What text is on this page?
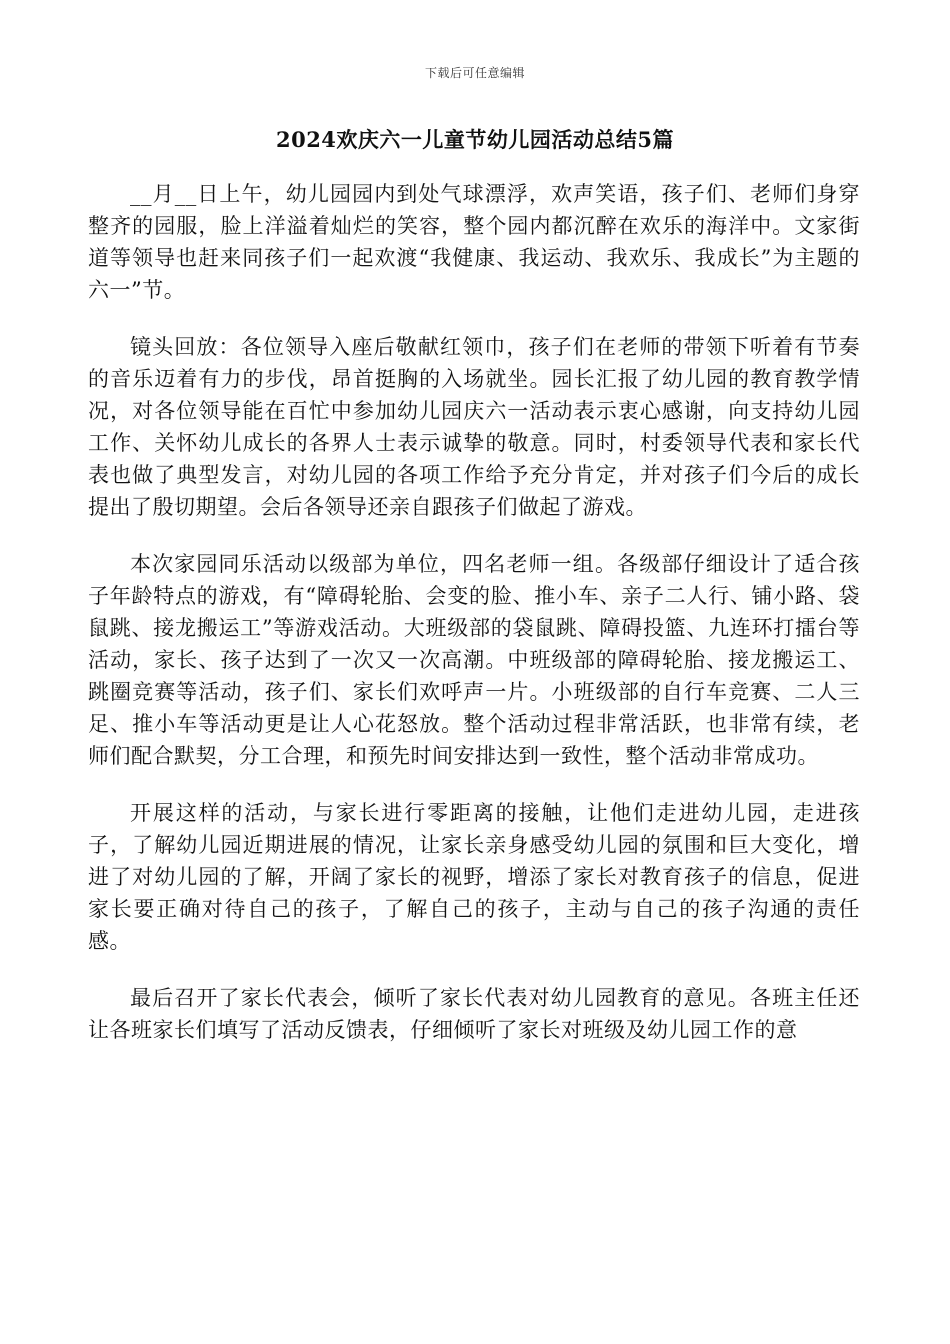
下载后可任意编辑
2024欢庆六一儿童节幼儿园活动总结5篇

__月__日上午，幼儿园园内到处气球漂浮，欢声笑语，孩子们、老师们身穿整齐的园服，脸上洋溢着灿烂的笑容，整个园内都沉醉在欢乐的海洋中。文家街道等领导也赶来同孩子们一起欢渡“我健康、我运动、我欢乐、我成长”为主题的六一”节。

镜头回放：各位领导入座后敬献红领巾，孩子们在老师的带领下听着有节奏的音乐迈着有力的步伐，昂首挺胸的入场就坐。园长汇报了幼儿园的教育教学情况，对各位领导能在百忙中参加幼儿园庆六一活动表示衷心感谢，向支持幼儿园工作、关怀幼儿成长的各界人士表示诚挚的敬意。同时，村委领导代表和家长代表也做了典型发言，对幼儿园的各项工作给予充分肯定，并对孩子们今后的成长提出了殷切期望。会后各领导还亲自跟孩子们做起了游戏。

本次家园同乐活动以级部为单位，四名老师一组。各级部仔细设计了适合孩子年龄特点的游戏，有“障碍轮胎、会变的脸、推小车、亲子二人行、铺小路、袋鼠跳、接龙搬运工”等游戏活动。大班级部的袋鼠跳、障碍投篮、九连环打擂台等活动，家长、孩子达到了一次又一次高潮。中班级部的障碍轮胎、接龙搬运工、跳圈竞赛等活动，孩子们、家长们欢呼声一片。小班级部的自行车竞赛、二人三足、推小车等活动更是让人心花怒放。整个活动过程非常活跃，也非常有续，老师们配合默契，分工合理，和预先时间安排达到一致性，整个活动非常成功。

开展这样的活动，与家长进行零距离的接触，让他们走进幼儿园，走进孩子，了解幼儿园近期进展的情况，让家长亲身感受幼儿园的氛围和巨大变化，增进了对幼儿园的了解，开阔了家长的视野，增添了家长对教育孩子的信息，促进家长要正确对待自己的孩子，了解自己的孩子，主动与自己的孩子沟通的责任感。

最后召开了家长代表会，倾听了家长代表对幼儿园教育的意见。各班主任还让各班家长们填写了活动反馈表，仔细倾听了家长对班级及幼儿园工作的意
